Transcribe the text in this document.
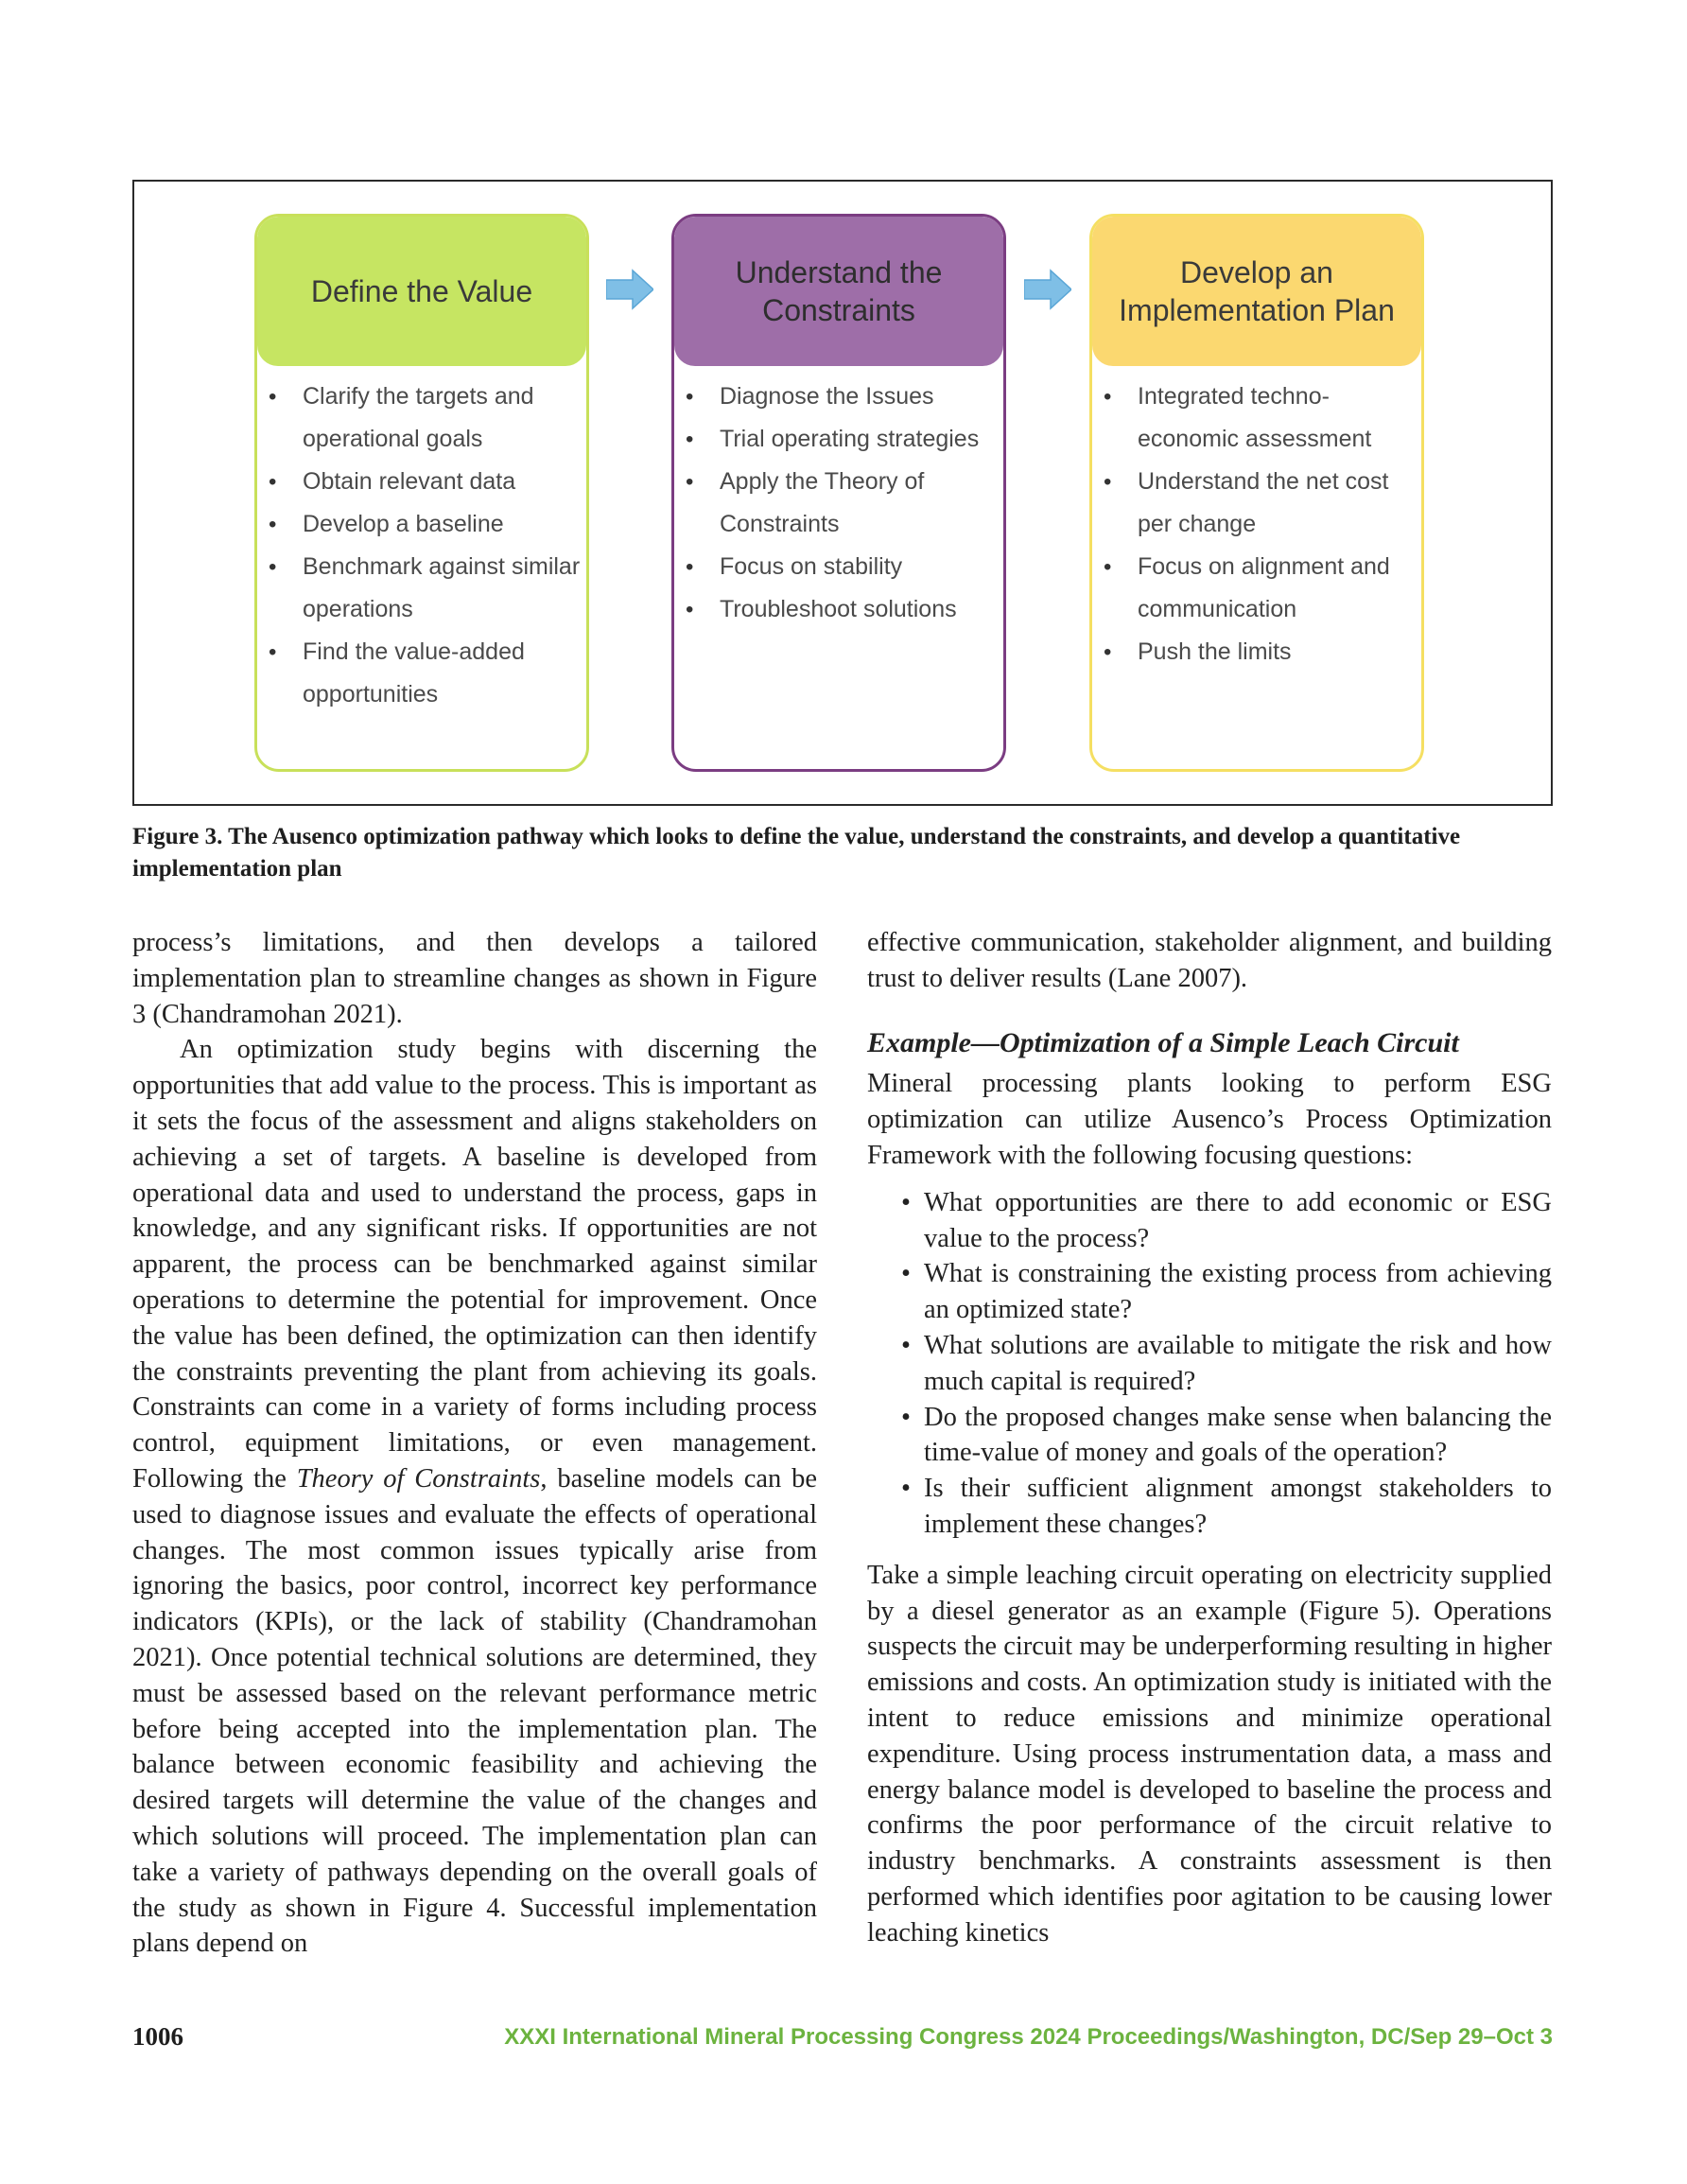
Define the Value
• Clarify the targets and operational goals
• Obtain relevant data
• Develop a baseline
• Benchmark against similar operations
• Find the value-added opportunities
Understand the Constraints
• Diagnose the Issues
• Trial operating strategies
• Apply the Theory of Constraints
• Focus on stability
• Troubleshoot solutions
Develop an Implementation Plan
• Integrated techno-economic assessment
• Understand the net cost per change
• Focus on alignment and communication
• Push the limits
Figure 3. The Ausenco optimization pathway which looks to define the value, understand the constraints, and develop a quantitative implementation plan

process’s limitations, and then develops a tailored implementation plan to streamline changes as shown in Figure 3 (Chandramohan 2021).

An optimization study begins with discerning the opportunities that add value to the process. This is important as it sets the focus of the assessment and aligns stakeholders on achieving a set of targets. A baseline is developed from operational data and used to understand the process, gaps in knowledge, and any significant risks. If opportunities are not apparent, the process can be benchmarked against similar operations to determine the potential for improvement. Once the value has been defined, the optimization can then identify the constraints preventing the plant from achieving its goals. Constraints can come in a variety of forms including process control, equipment limitations, or even management. Following the Theory of Constraints, baseline models can be used to diagnose issues and evaluate the effects of operational changes. The most common issues typically arise from ignoring the basics, poor control, incorrect key performance indicators (KPIs), or the lack of stability (Chandramohan 2021). Once potential technical solutions are determined, they must be assessed based on the relevant performance metric before being accepted into the implementation plan. The balance between economic feasibility and achieving the desired targets will determine the value of the changes and which solutions will proceed. The implementation plan can take a variety of pathways depending on the overall goals of the study as shown in Figure 4. Successful implementation plans depend on

effective communication, stakeholder alignment, and building trust to deliver results (Lane 2007).

Example—Optimization of a Simple Leach Circuit

Mineral processing plants looking to perform ESG optimization can utilize Ausenco’s Process Optimization Framework with the following focusing questions:

• What opportunities are there to add economic or ESG value to the process?
• What is constraining the existing process from achieving an optimized state?
• What solutions are available to mitigate the risk and how much capital is required?
• Do the proposed changes make sense when balancing the time-value of money and goals of the operation?
• Is their sufficient alignment amongst stakeholders to implement these changes?

Take a simple leaching circuit operating on electricity supplied by a diesel generator as an example (Figure 5). Operations suspects the circuit may be underperforming resulting in higher emissions and costs. An optimization study is initiated with the intent to reduce emissions and minimize operational expenditure. Using process instrumentation data, a mass and energy balance model is developed to baseline the process and confirms the poor performance of the circuit relative to industry benchmarks. A constraints assessment is then performed which identifies poor agitation to be causing lower leaching kinetics

1006	XXXI International Mineral Processing Congress 2024 Proceedings/Washington, DC/Sep 29–Oct 3
